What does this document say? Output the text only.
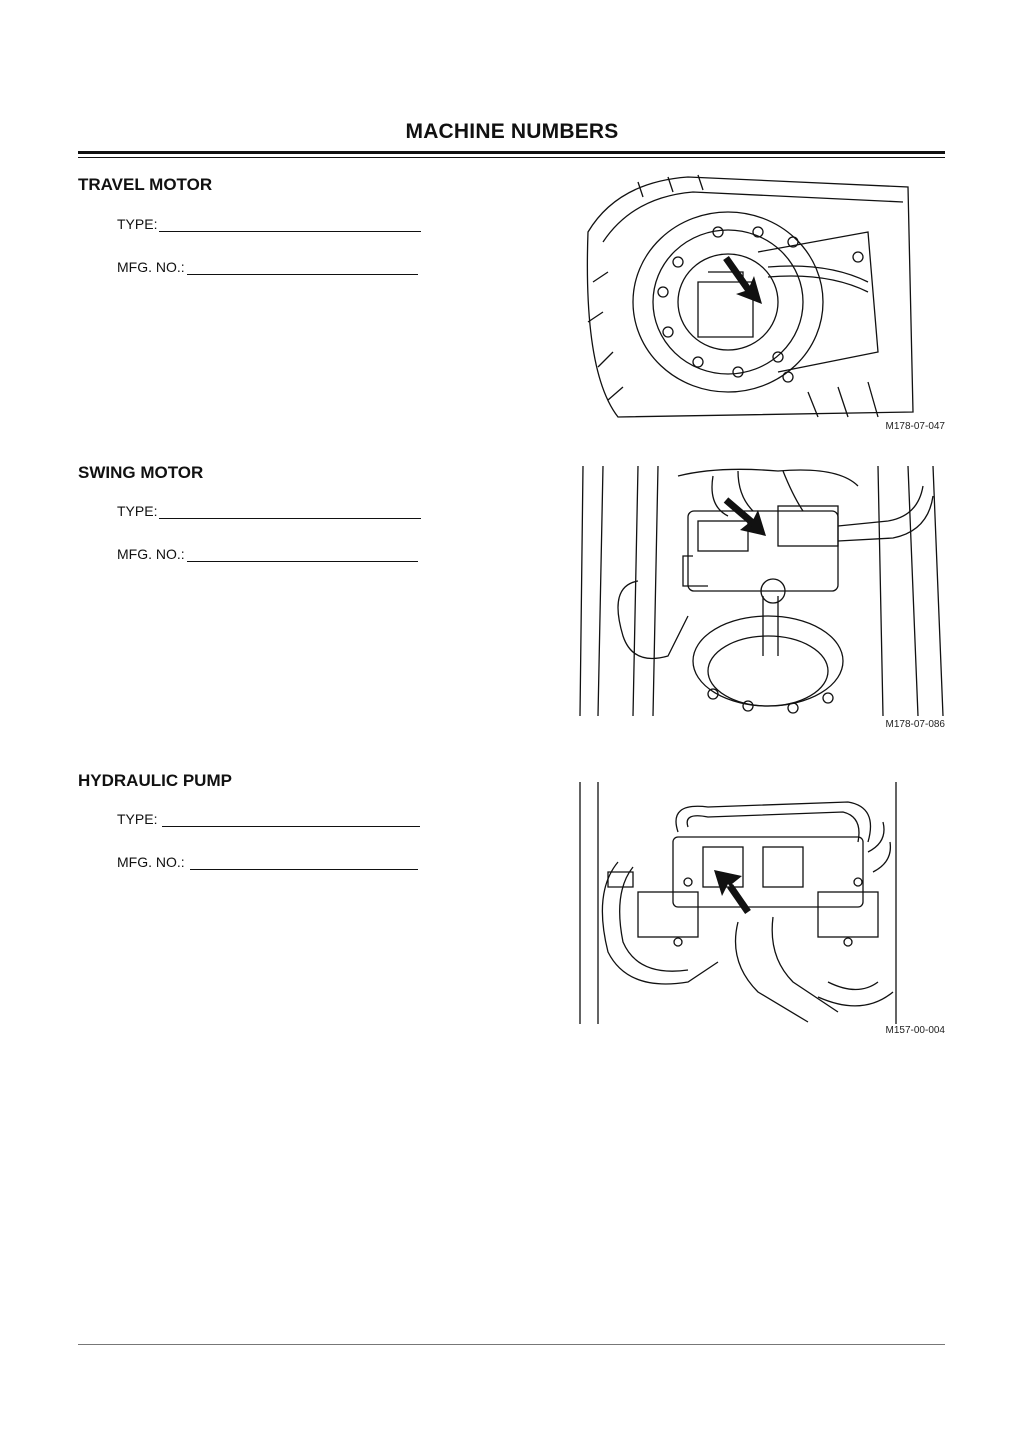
MACHINE NUMBERS
TRAVEL MOTOR
TYPE:
MFG. NO.:
M178-07-047
SWING MOTOR
TYPE:
MFG. NO.:
M178-07-086
HYDRAULIC PUMP
TYPE:
MFG. NO.:
M157-00-004
